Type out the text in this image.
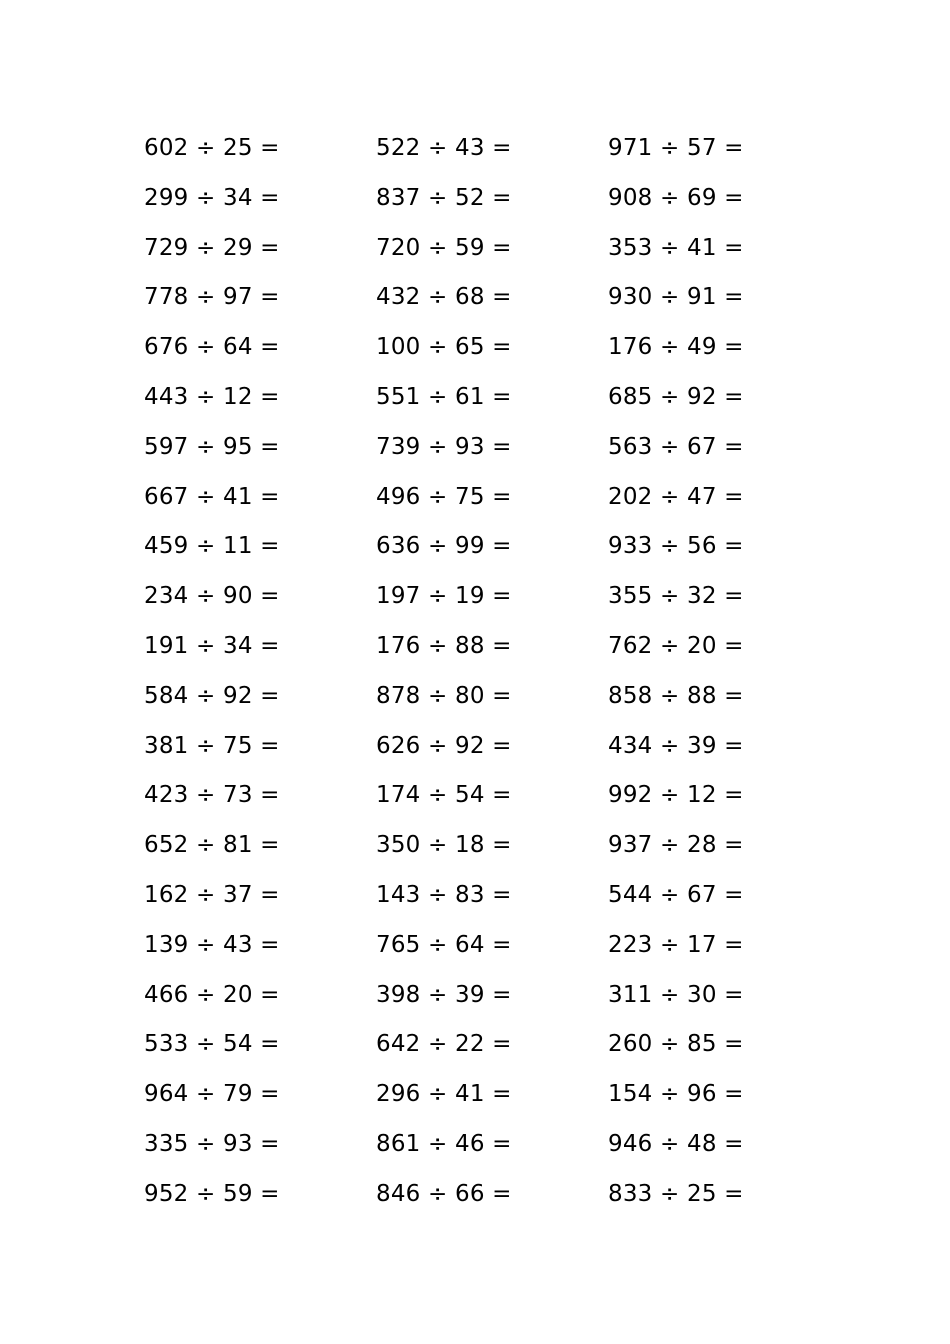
602 ÷ 25 =
299 ÷ 34 =
729 ÷ 29 =
778 ÷ 97 =
676 ÷ 64 =
443 ÷ 12 =
597 ÷ 95 =
667 ÷ 41 =
459 ÷ 11 =
234 ÷ 90 =
191 ÷ 34 =
584 ÷ 92 =
381 ÷ 75 =
423 ÷ 73 =
652 ÷ 81 =
162 ÷ 37 =
139 ÷ 43 =
466 ÷ 20 =
533 ÷ 54 =
964 ÷ 79 =
335 ÷ 93 =
952 ÷ 59 =
522 ÷ 43 =
837 ÷ 52 =
720 ÷ 59 =
432 ÷ 68 =
100 ÷ 65 =
551 ÷ 61 =
739 ÷ 93 =
496 ÷ 75 =
636 ÷ 99 =
197 ÷ 19 =
176 ÷ 88 =
878 ÷ 80 =
626 ÷ 92 =
174 ÷ 54 =
350 ÷ 18 =
143 ÷ 83 =
765 ÷ 64 =
398 ÷ 39 =
642 ÷ 22 =
296 ÷ 41 =
861 ÷ 46 =
846 ÷ 66 =
971 ÷ 57 =
908 ÷ 69 =
353 ÷ 41 =
930 ÷ 91 =
176 ÷ 49 =
685 ÷ 92 =
563 ÷ 67 =
202 ÷ 47 =
933 ÷ 56 =
355 ÷ 32 =
762 ÷ 20 =
858 ÷ 88 =
434 ÷ 39 =
992 ÷ 12 =
937 ÷ 28 =
544 ÷ 67 =
223 ÷ 17 =
311 ÷ 30 =
260 ÷ 85 =
154 ÷ 96 =
946 ÷ 48 =
833 ÷ 25 =
